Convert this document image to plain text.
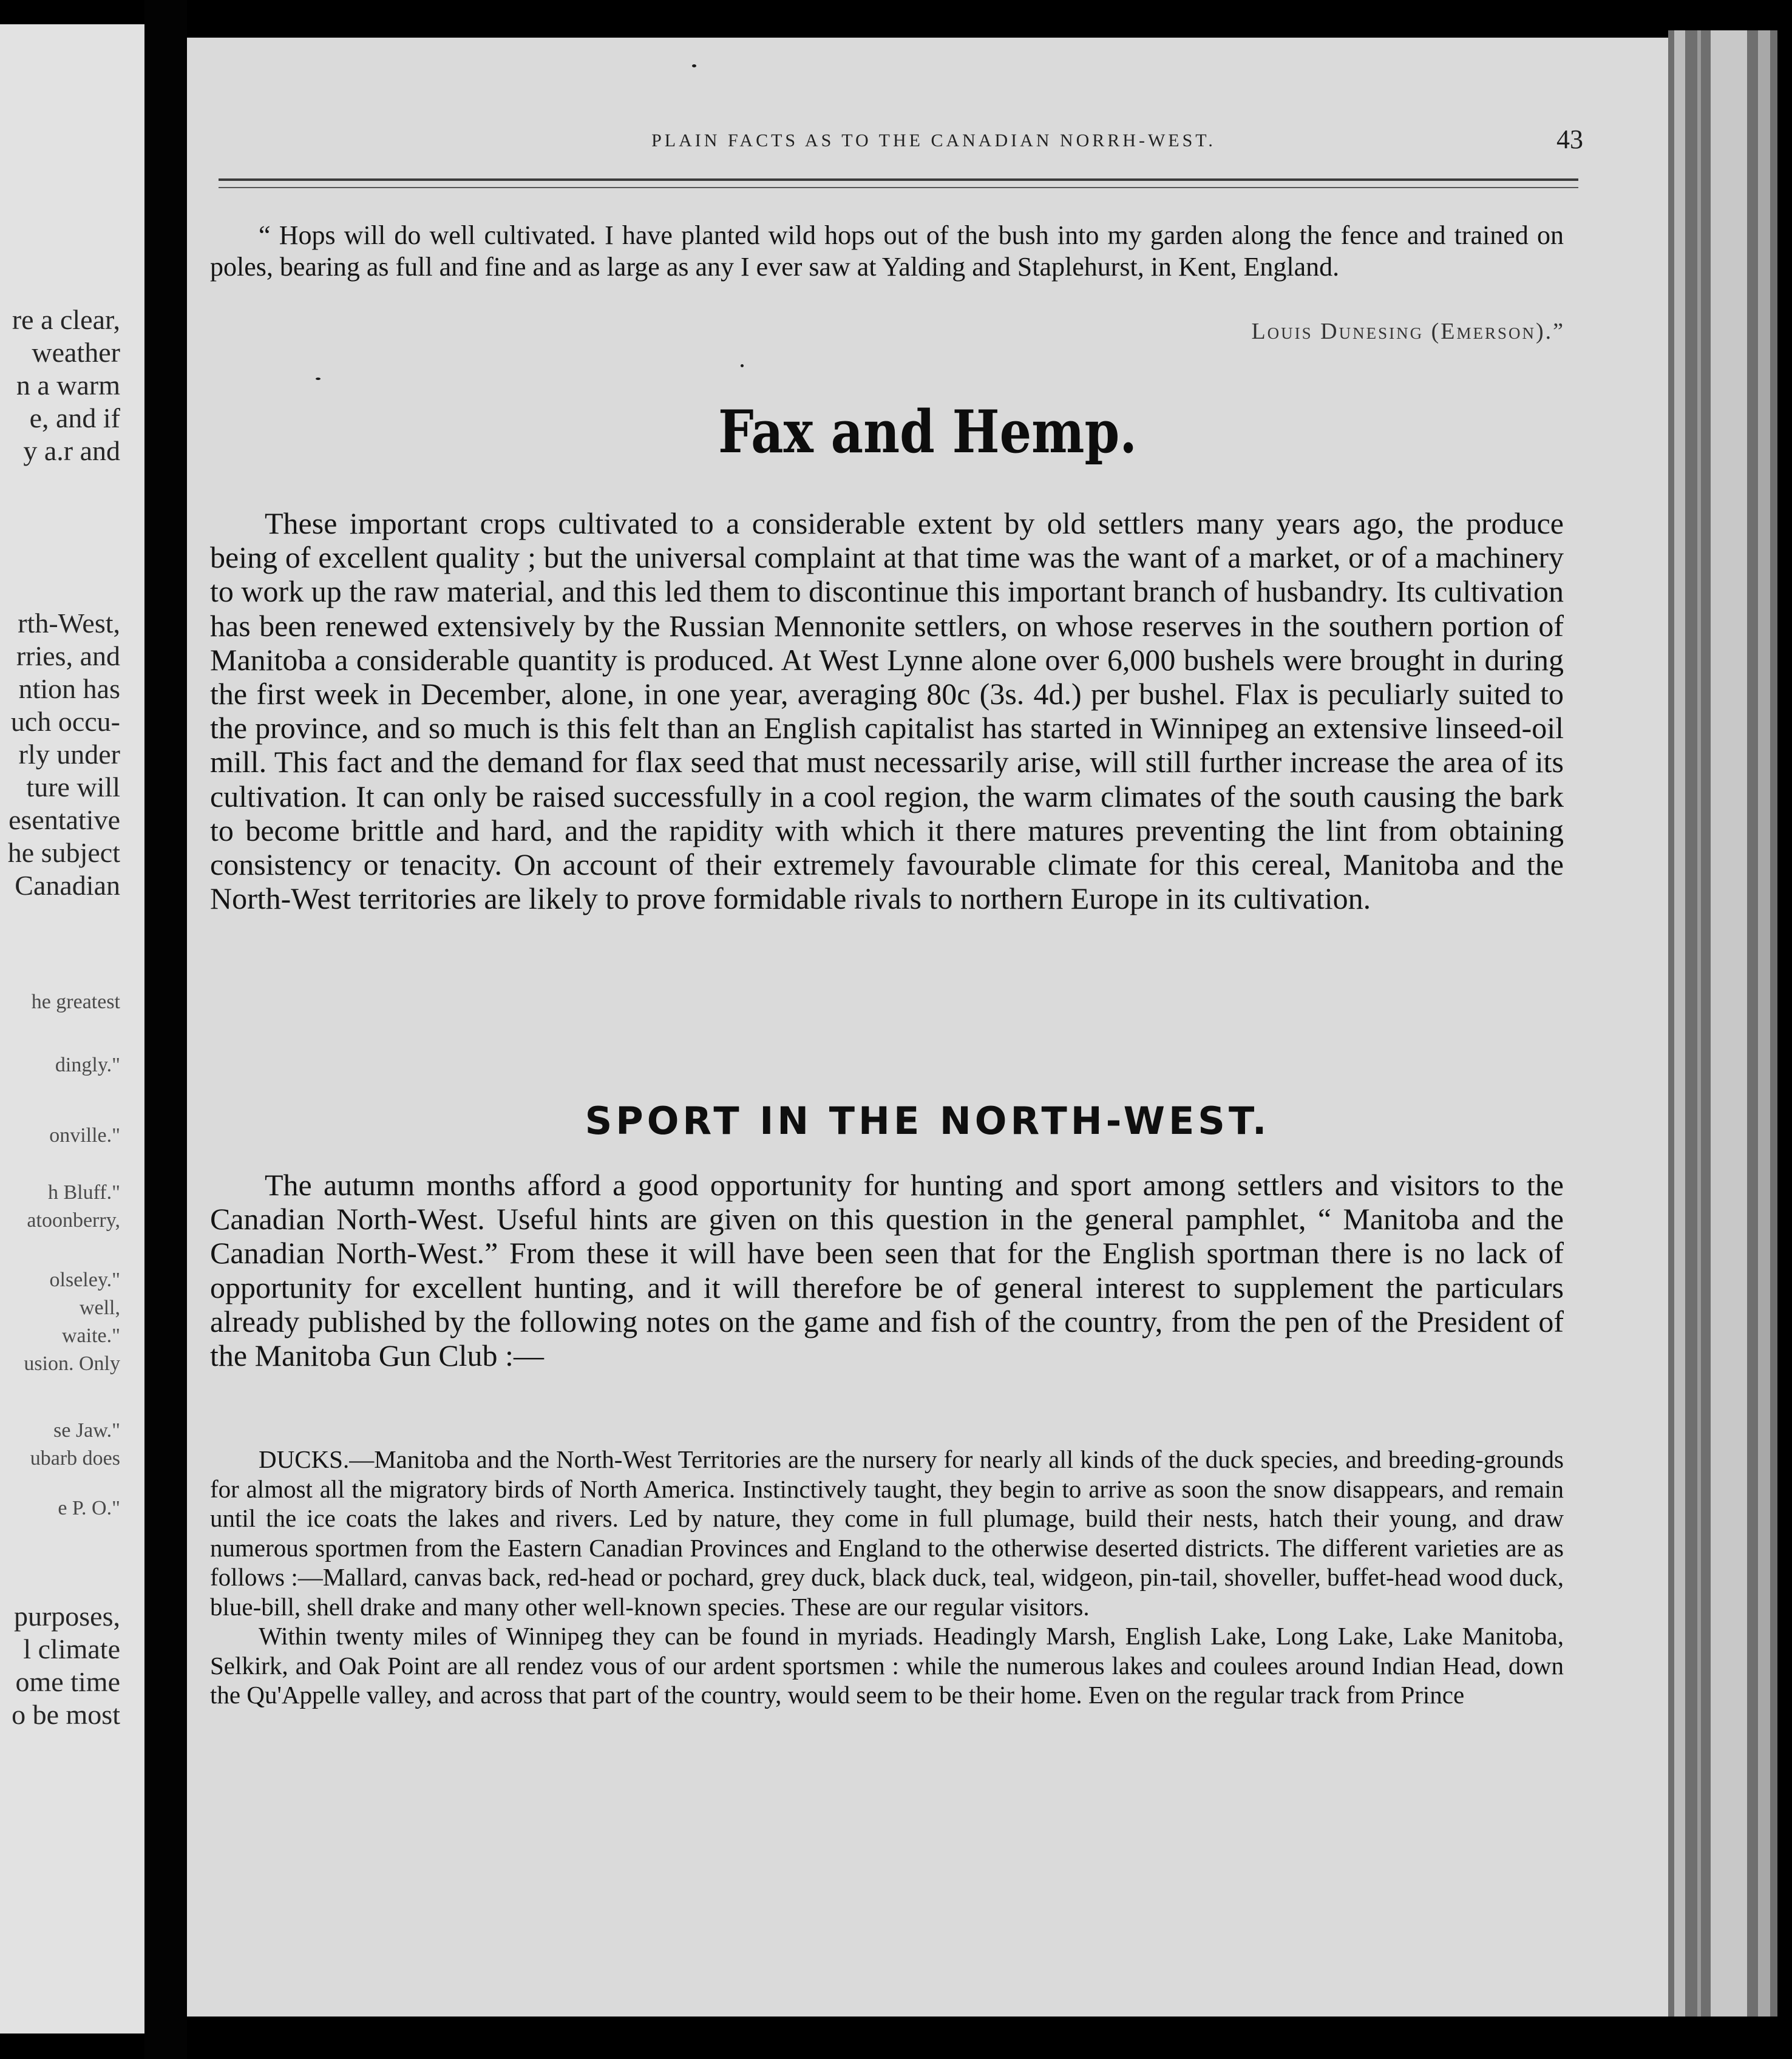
re a clear,
weather
n a warm
e, and if
y a.r and
rth-West,
rries, and
ntion has
uch occu-
rly under
ture will
esentative
he subject
Canadian
he greatest
dingly."
onville."
h Bluff."
atoonberry,
olseley."
well,
waite."
usion. Only
se Jaw."
ubarb does
e P. O."
purposes,
l climate
ome time
o be most
PLAIN FACTS AS TO THE CANADIAN NORRH-WEST.	43

“ Hops will do well cultivated. I have planted wild hops out of the bush into my garden along the fence and trained on poles, bearing as full and fine and as large as any I ever saw at Yalding and Staplehurst, in Kent, England.

Louis Dunesing (Emerson).”
Fax and Hemp.

These important crops cultivated to a considerable extent by old settlers many years ago, the produce being of excellent quality ; but the universal complaint at that time was the want of a market, or of a machinery to work up the raw material, and this led them to discontinue this important branch of husbandry. Its cultivation has been renewed extensively by the Russian Mennonite settlers, on whose reserves in the southern portion of Manitoba a considerable quantity is produced. At West Lynne alone over 6,000 bushels were brought in during the first week in December, alone, in one year, averaging 80c (3s. 4d.) per bushel. Flax is peculiarly suited to the province, and so much is this felt than an English capitalist has started in Winnipeg an extensive linseed-oil mill. This fact and the demand for flax seed that must necessarily arise, will still further increase the area of its cultivation. It can only be raised successfully in a cool region, the warm climates of the south causing the bark to become brittle and hard, and the rapidity with which it there matures preventing the lint from obtaining consistency or tenacity. On account of their extremely favourable climate for this cereal, Manitoba and the North-West territories are likely to prove formidable rivals to northern Europe in its cultivation.

SPORT IN THE NORTH-WEST.

The autumn months afford a good opportunity for hunting and sport among settlers and visitors to the Canadian North-West. Useful hints are given on this question in the general pamphlet, “ Manitoba and the Canadian North-West.” From these it will have been seen that for the English sportman there is no lack of opportunity for excellent hunting, and it will therefore be of general interest to supplement the particulars already published by the following notes on the game and fish of the country, from the pen of the President of the Manitoba Gun Club :—

DUCKS.—Manitoba and the North-West Territories are the nursery for nearly all kinds of the duck species, and breeding-grounds for almost all the migratory birds of North America. Instinctively taught, they begin to arrive as soon the snow disappears, and remain until the ice coats the lakes and rivers. Led by nature, they come in full plumage, build their nests, hatch their young, and draw numerous sportmen from the Eastern Canadian Provinces and England to the otherwise deserted districts. The different varieties are as follows :—Mallard, canvas back, red-head or pochard, grey duck, black duck, teal, widgeon, pin-tail, shoveller, buffet-head wood duck, blue-bill, shell drake and many other well-known species. These are our regular visitors.

Within twenty miles of Winnipeg they can be found in myriads. Headingly Marsh, English Lake, Long Lake, Lake Manitoba, Selkirk, and Oak Point are all rendez vous of our ardent sportsmen : while the numerous lakes and coulees around Indian Head, down the Qu'Appelle valley, and across that part of the country, would seem to be their home. Even on the regular track from Prince
